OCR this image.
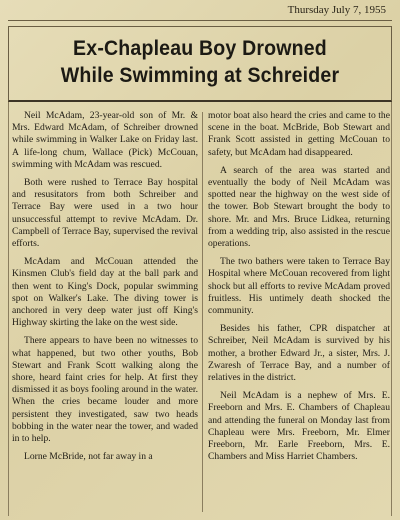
Thursday July 7, 1955
Ex-Chapleau Boy Drowned
While Swimming at Schreider

Neil McAdam, 23-year-old son of Mr. & Mrs. Edward McAdam, of Schreiber drowned while swimming in Walker Lake on Friday last. A life-long chum, Wallace (Pick) McCouan, swimming with McAdam was rescued.

Both were rushed to Terrace Bay hospital and resusitators from both Schreiber and Terrace Bay were used in a two hour unsuccessful attempt to revive McAdam. Dr. Campbell of Terrace Bay, supervised the revival efforts.

McAdam and McCouan attended the Kinsmen Club's field day at the ball park and then went to King's Dock, popular swimming spot on Walker's Lake. The diving tower is anchored in very deep water just off King's Highway skirting the lake on the west side.

There appears to have been no witnesses to what happened, but two other youths, Bob Stewart and Frank Scott walking along the shore, heard faint cries for help. At first they dismissed it as boys fooling around in the water. When the cries became louder and more persistent they investigated, saw two heads bobbing in the water near the tower, and waded in to help.

Lorne McBride, not far away in a

motor boat also heard the cries and came to the scene in the boat. McBride, Bob Stewart and Frank Scott assisted in getting McCouan to safety, but McAdam had disappeared.

A search of the area was started and eventually the body of Neil McAdam was spotted near the highway on the west side of the tower. Bob Stewart brought the body to shore. Mr. and Mrs. Bruce Lidkea, returning from a wedding trip, also assisted in the rescue operations.

The two bathers were taken to Terrace Bay Hospital where McCouan recovered from light shock but all efforts to revive McAdam proved fruitless. His untimely death shocked the community.

Besides his father, CPR dispatcher at Schreiber, Neil McAdam is survived by his mother, a brother Edward Jr., a sister, Mrs. J. Zwaresh of Terrace Bay, and a number of relatives in the district.

Neil McAdam is a nephew of Mrs. E. Freeborn and Mrs. E. Chambers of Chapleau and attending the funeral on Monday last from Chapleau were Mrs. Freeborn, Mr. Elmer Freeborn, Mr. Earle Freeborn, Mrs. E. Chambers and Miss Harriet Chambers.
